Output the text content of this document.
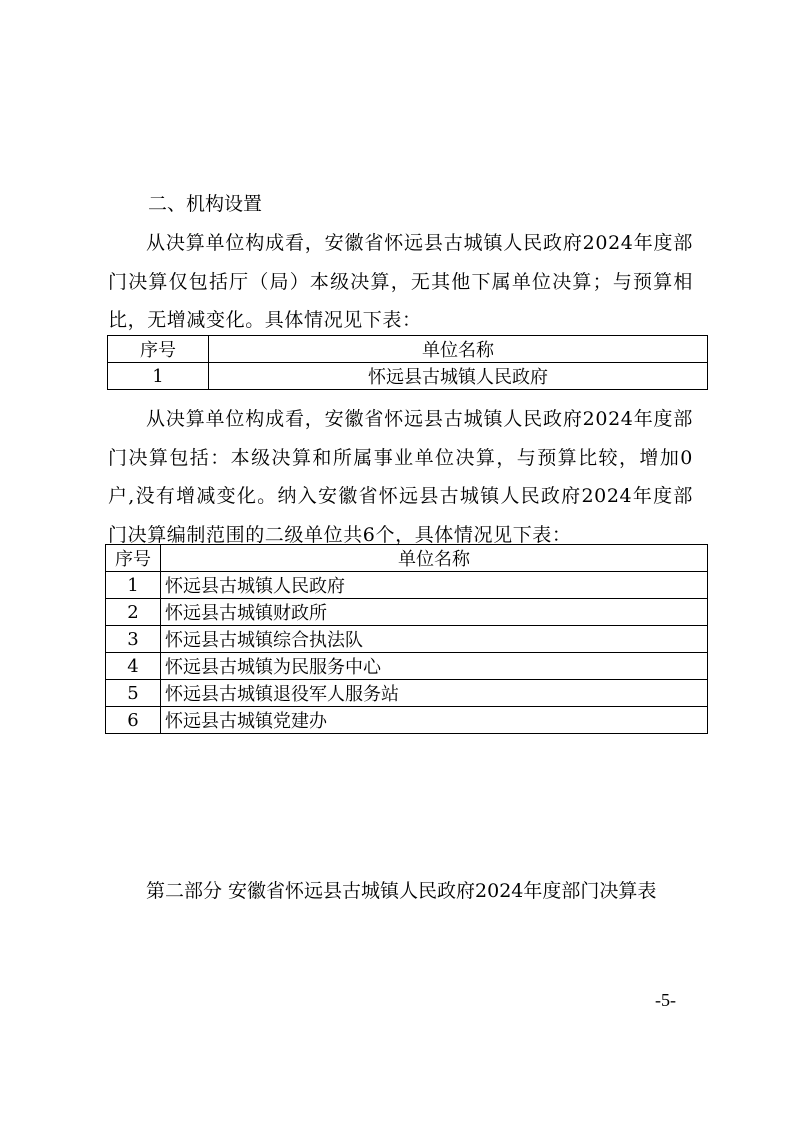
二、机构设置

从决算单位构成看，安徽省怀远县古城镇人民政府2024年度部门决算仅包括厅（局）本级决算，无其他下属单位决算；与预算相比，无增减变化。具体情况见下表：

序号	单位名称
1	怀远县古城镇人民政府

从决算单位构成看，安徽省怀远县古城镇人民政府2024年度部门决算包括：本级决算和所属事业单位决算，与预算比较，增加0户,没有增减变化。纳入安徽省怀远县古城镇人民政府2024年度部门决算编制范围的二级单位共6个，具体情况见下表：

序号	单位名称
1	怀远县古城镇人民政府
2	怀远县古城镇财政所
3	怀远县古城镇综合执法队
4	怀远县古城镇为民服务中心
5	怀远县古城镇退役军人服务站
6	怀远县古城镇党建办

第二部分 安徽省怀远县古城镇人民政府2024年度部门决算表

-5-
